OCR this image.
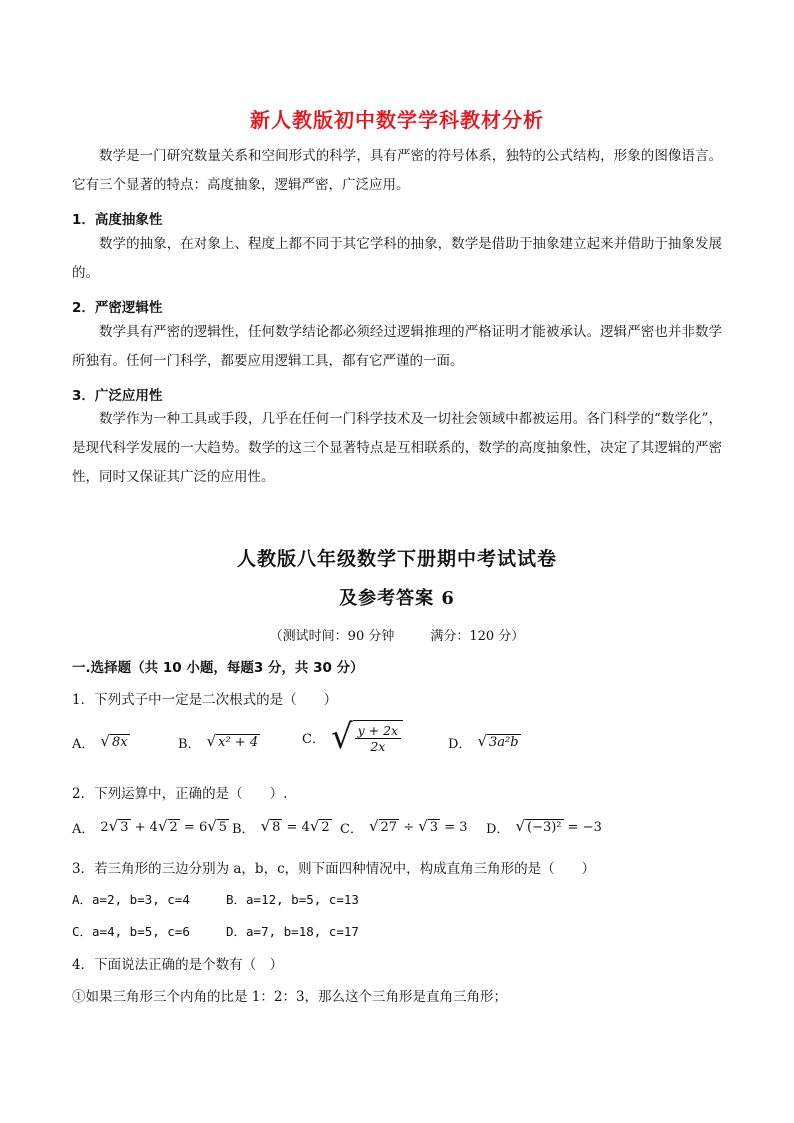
新人教版初中数学学科教材分析
数学是一门研究数量关系和空间形式的科学，具有严密的符号体系，独特的公式结构，形象的图像语言。它有三个显著的特点：高度抽象，逻辑严密，广泛应用。
1．高度抽象性
数学的抽象，在对象上、程度上都不同于其它学科的抽象，数学是借助于抽象建立起来并借助于抽象发展的。
2．严密逻辑性
数学具有严密的逻辑性，任何数学结论都必须经过逻辑推理的严格证明才能被承认。逻辑严密也并非数学所独有。任何一门科学，都要应用逻辑工具，都有它严谨的一面。
3．广泛应用性
数学作为一种工具或手段，几乎在任何一门科学技术及一切社会领域中都被运用。各门科学的“数学化”，是现代科学发展的一大趋势。数学的这三个显著特点是互相联系的，数学的高度抽象性，决定了其逻辑的严密性，同时又保证其广泛的应用性。
人教版八年级数学下册期中考试试卷
及参考答案 6
（测试时间：90 分钟	满分：120 分）
一.选择题（共 10 小题，每题3 分，共 30 分）
1．下列式子中一定是二次根式的是（　　）
A． √ 8x	B． √ x² + 4	C． √ $\frac{y + 2x}{2x}$	D． √ 3a²b
2．下列运算中，正确的是（　　）.
A． 2 √ 3 + 4 √ 2 = 6 √ 5 B． √ 8 = 4 √ 2 C． √ 27 ÷ √ 3 = 3 D． √ (−3)² = −3
3．若三角形的三边分别为 a，b，c，则下面四种情况中，构成直角三角形的是（　　）
A．a=2, b=3, c=4	B．a=12, b=5, c=13
C．a=4, b=5, c=6	D．a=7, b=18, c=17
4．下面说法正确的是个数有（　）
①如果三角形三个内角的比是 1：2：3，那么这个三角形是直角三角形；
